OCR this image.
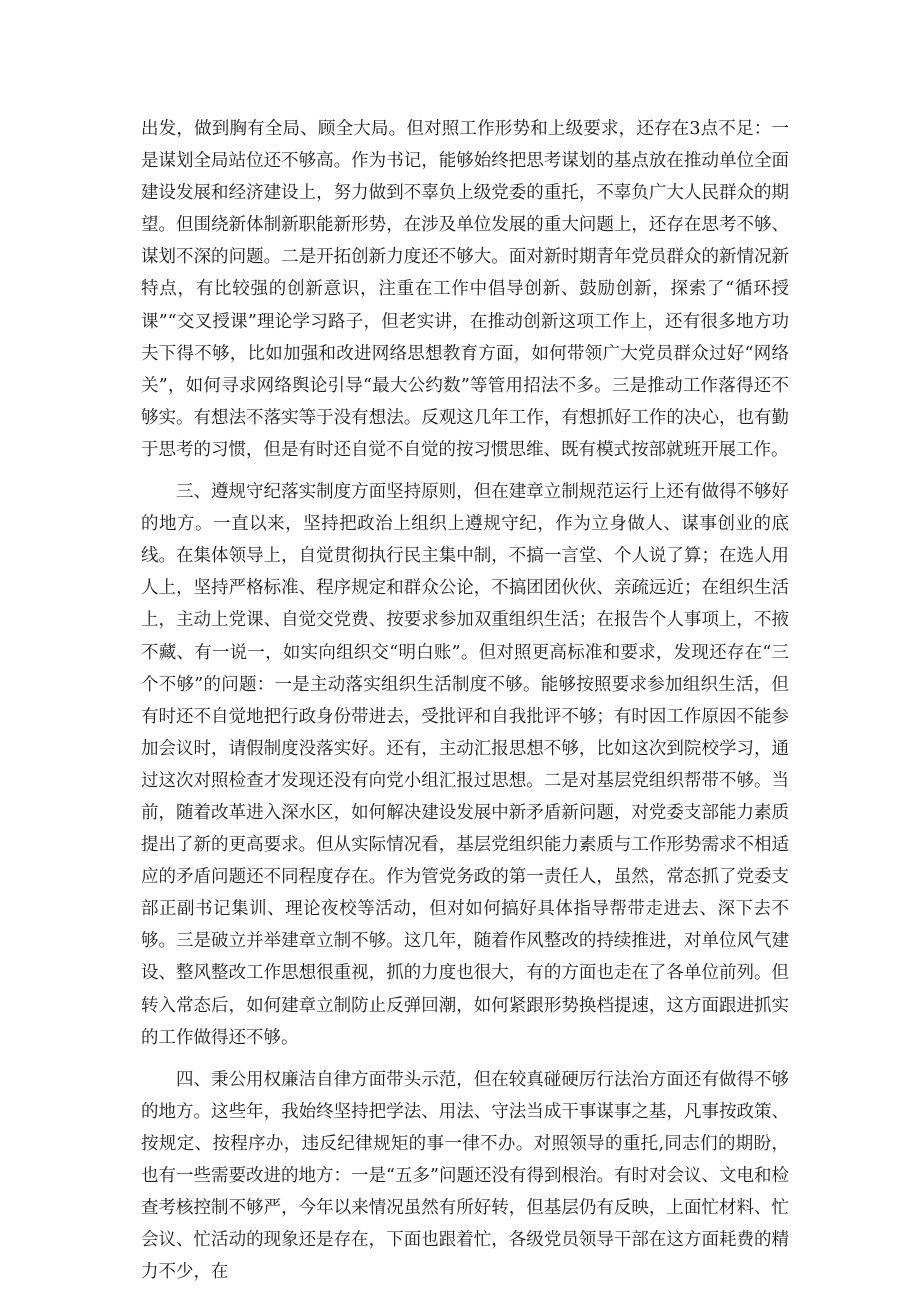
出发，做到胸有全局、顾全大局。但对照工作形势和上级要求，还存在3点不足：一是谋划全局站位还不够高。作为书记，能够始终把思考谋划的基点放在推动单位全面建设发展和经济建设上，努力做到不辜负上级党委的重托，不辜负广大人民群众的期望。但围绕新体制新职能新形势，在涉及单位发展的重大问题上，还存在思考不够、谋划不深的问题。二是开拓创新力度还不够大。面对新时期青年党员群众的新情况新特点，有比较强的创新意识，注重在工作中倡导创新、鼓励创新，探索了“循环授课”“交叉授课”理论学习路子，但老实讲，在推动创新这项工作上，还有很多地方功夫下得不够，比如加强和改进网络思想教育方面，如何带领广大党员群众过好“网络关”，如何寻求网络舆论引导“最大公约数”等管用招法不多。三是推动工作落得还不够实。有想法不落实等于没有想法。反观这几年工作，有想抓好工作的决心，也有勤于思考的习惯，但是有时还自觉不自觉的按习惯思维、既有模式按部就班开展工作。

三、遵规守纪落实制度方面坚持原则，但在建章立制规范运行上还有做得不够好的地方。一直以来，坚持把政治上组织上遵规守纪，作为立身做人、谋事创业的底线。在集体领导上，自觉贯彻执行民主集中制，不搞一言堂、个人说了算；在选人用人上，坚持严格标准、程序规定和群众公论，不搞团团伙伙、亲疏远近；在组织生活上，主动上党课、自觉交党费、按要求参加双重组织生活；在报告个人事项上，不掖不藏、有一说一，如实向组织交“明白账”。但对照更高标准和要求，发现还存在“三个不够”的问题：一是主动落实组织生活制度不够。能够按照要求参加组织生活，但有时还不自觉地把行政身份带进去，受批评和自我批评不够；有时因工作原因不能参加会议时，请假制度没落实好。还有，主动汇报思想不够，比如这次到院校学习，通过这次对照检查才发现还没有向党小组汇报过思想。二是对基层党组织帮带不够。当前，随着改革进入深水区，如何解决建设发展中新矛盾新问题，对党委支部能力素质提出了新的更高要求。但从实际情况看，基层党组织能力素质与工作形势需求不相适应的矛盾问题还不同程度存在。作为管党务政的第一责任人，虽然，常态抓了党委支部正副书记集训、理论夜校等活动，但对如何搞好具体指导帮带走进去、深下去不够。三是破立并举建章立制不够。这几年，随着作风整改的持续推进，对单位风气建设、整风整改工作思想很重视，抓的力度也很大，有的方面也走在了各单位前列。但转入常态后，如何建章立制防止反弹回潮，如何紧跟形势换档提速，这方面跟进抓实的工作做得还不够。

四、秉公用权廉洁自律方面带头示范，但在较真碰硬厉行法治方面还有做得不够的地方。这些年，我始终坚持把学法、用法、守法当成干事谋事之基，凡事按政策、按规定、按程序办，违反纪律规矩的事一律不办。对照领导的重托,同志们的期盼，也有一些需要改进的地方：一是“五多”问题还没有得到根治。有时对会议、文电和检查考核控制不够严，今年以来情况虽然有所好转，但基层仍有反映，上面忙材料、忙会议、忙活动的现象还是存在，下面也跟着忙，各级党员领导干部在这方面耗费的精力不少，在
